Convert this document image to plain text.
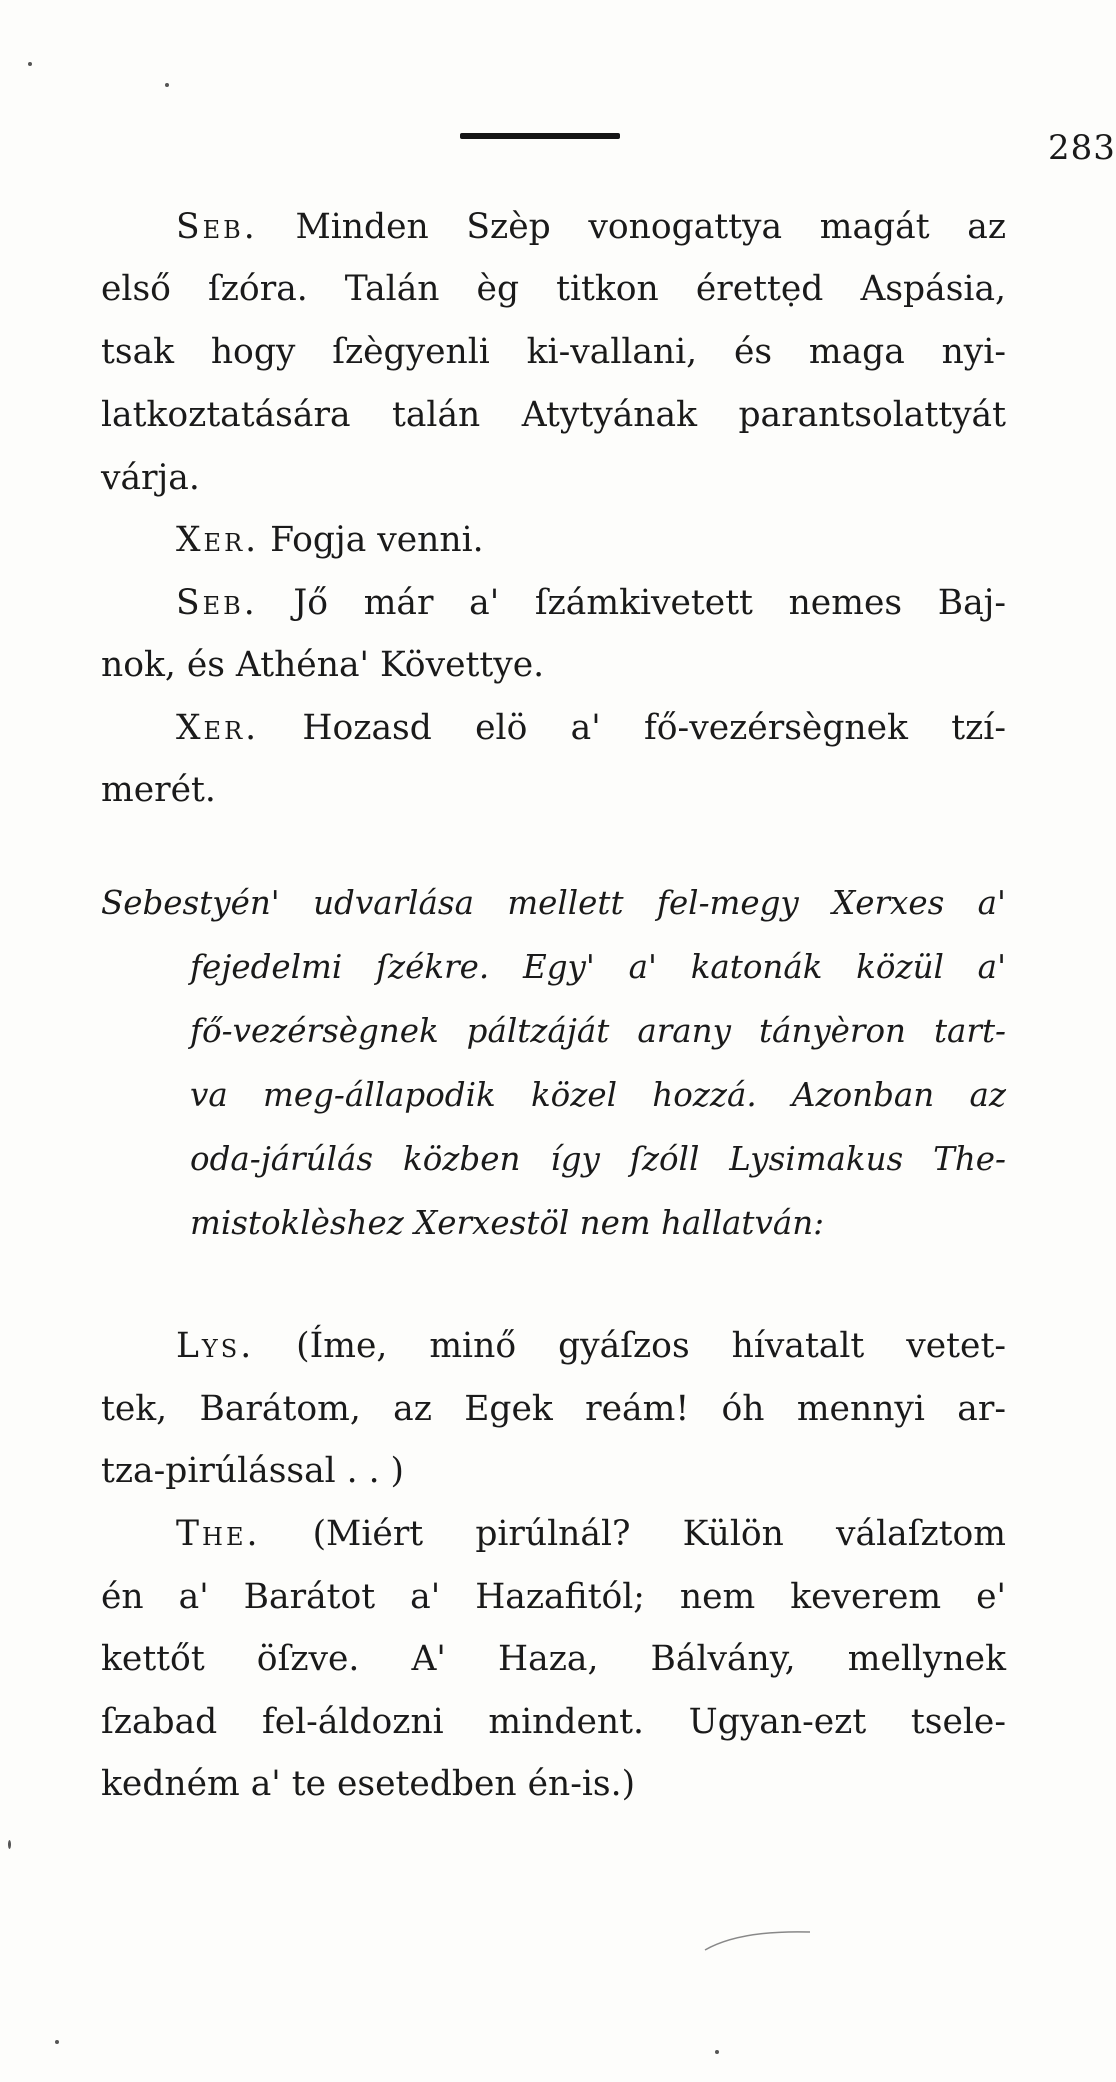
283
Seb. Minden Szèp vonogattya magát az
első ſzóra. Talán èg titkon érettẹd Aspásia,
tsak hogy ſzègyenli ki-vallani, és maga nyi-
latkoztatására talán Atytyának parantsolattyát
várja.
Xer. Fogja venni.
Seb. Jő már a' ſzámkivetett nemes Baj-
nok, és Athéna' Követtye.
Xer. Hozasd elö a' fő-vezérsègnek tzí-
merét.
Sebestyén' udvarlása mellett fel-megy Xerxes a'
fejedelmi ſzékre. Egy' a' katonák közül a'
fő-vezérsègnek páltzáját arany tányèron tart-
va meg-állapodik közel hozzá. Azonban az
oda-járúlás közben így ſzóll Lysimakus The-
mistoklèshez Xerxestöl nem hallatván:
Lys. (Íme, minő gyáſzos hívatalt vetet-
tek, Barátom, az Egek reám! óh mennyi ar-
tza-pirúlással . . )
The. (Miért pirúlnál? Külön válaſztom
én a' Barátot a' Hazafitól; nem keverem e'
kettőt öſzve. A' Haza, Bálvány, mellynek
ſzabad fel-áldozni mindent. Ugyan-ezt tsele-
kedném a' te esetedben én-is.)
